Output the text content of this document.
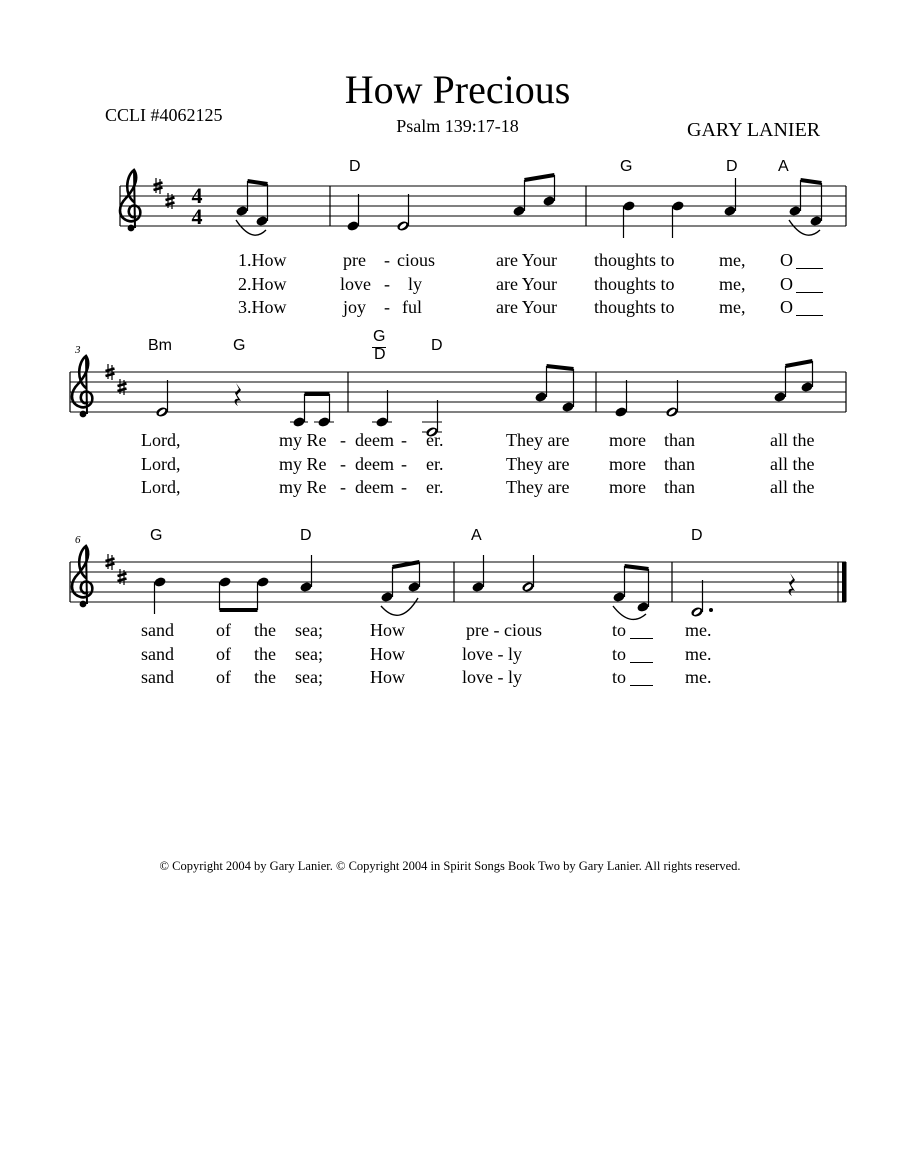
How Precious
Psalm 139:17-18
CCLI #4062125
GARY LANIER
4
4
3
6
D	G	D	A
Bm	G
G
D
D
G	D	A	D
1.How	pre - cious	are Your thoughts to me, O
2.How	love - ly	are Your thoughts to me, O
3.How	joy - ful	are Your thoughts to me, O
Lord,	my Re - deem - er.	They are more than	all the
Lord,	my Re - deem - er.	They are more than	all the
Lord,	my Re - deem - er.	They are more than	all the
sand of the sea;	How	pre - cious	to	me.
sand of the sea;	How	love - ly	to	me.
sand of the sea;	How	love - ly	to	me.
© Copyright 2004 by Gary Lanier. © Copyright 2004 in Spirit Songs Book Two by Gary Lanier. All rights reserved.
